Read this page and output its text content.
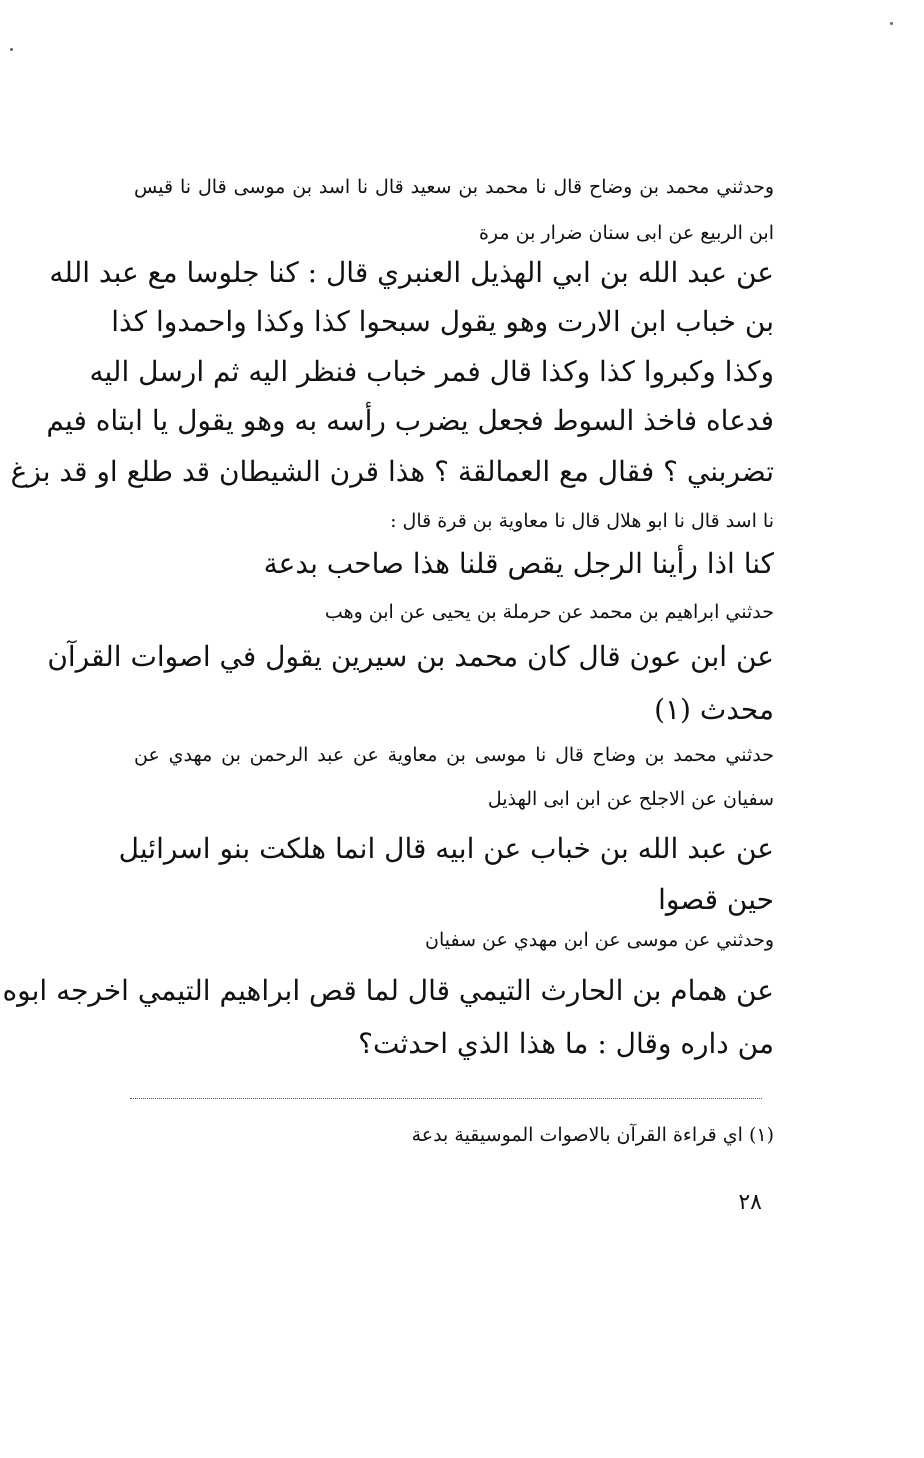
وحدثني محمد بن وضاح قال نا محمد بن سعيد قال نا اسد بن موسى قال نا قيس
ابن الربيع عن ابى سنان ضرار بن مرة
عن عبد الله بن ابي الهذيل العنبري قال : كنا جلوسا مع عبد الله
بن خباب ابن الارت وهو يقول سبحوا كذا وكذا واحمدوا كذا
وكذا وكبروا كذا وكذا قال فمر خباب فنظر اليه ثم ارسل اليه
فدعاه فاخذ السوط فجعل يضرب رأسه به وهو يقول يا ابتاه فيم
تضربني ؟ فقال مع العمالقة ؟ هذا قرن الشيطان قد طلع او قد بزغ
نا اسد قال نا ابو هلال قال نا معاوية بن قرة قال :
كنا اذا رأينا الرجل يقص قلنا هذا صاحب بدعة
حدثني ابراهيم بن محمد عن حرملة بن يحيى عن ابن وهب
عن ابن عون قال كان محمد بن سيرين يقول في اصوات القرآن
محدث (١)
حدثني محمد بن وضاح قال نا موسى بن معاوية عن عبد الرحمن بن مهدي عن
سفيان عن الاجلح عن ابن ابى الهذيل
عن عبد الله بن خباب عن ابيه قال انما هلكت بنو اسرائيل
حين قصوا
وحدثني عن موسى عن ابن مهدي عن سفيان
عن همام بن الحارث التيمي قال لما قص ابراهيم التيمي اخرجه ابوه
من داره وقال : ما هذا الذي احدثت؟
(١) اي قراءة القرآن بالاصوات الموسيقية بدعة
٢٨
